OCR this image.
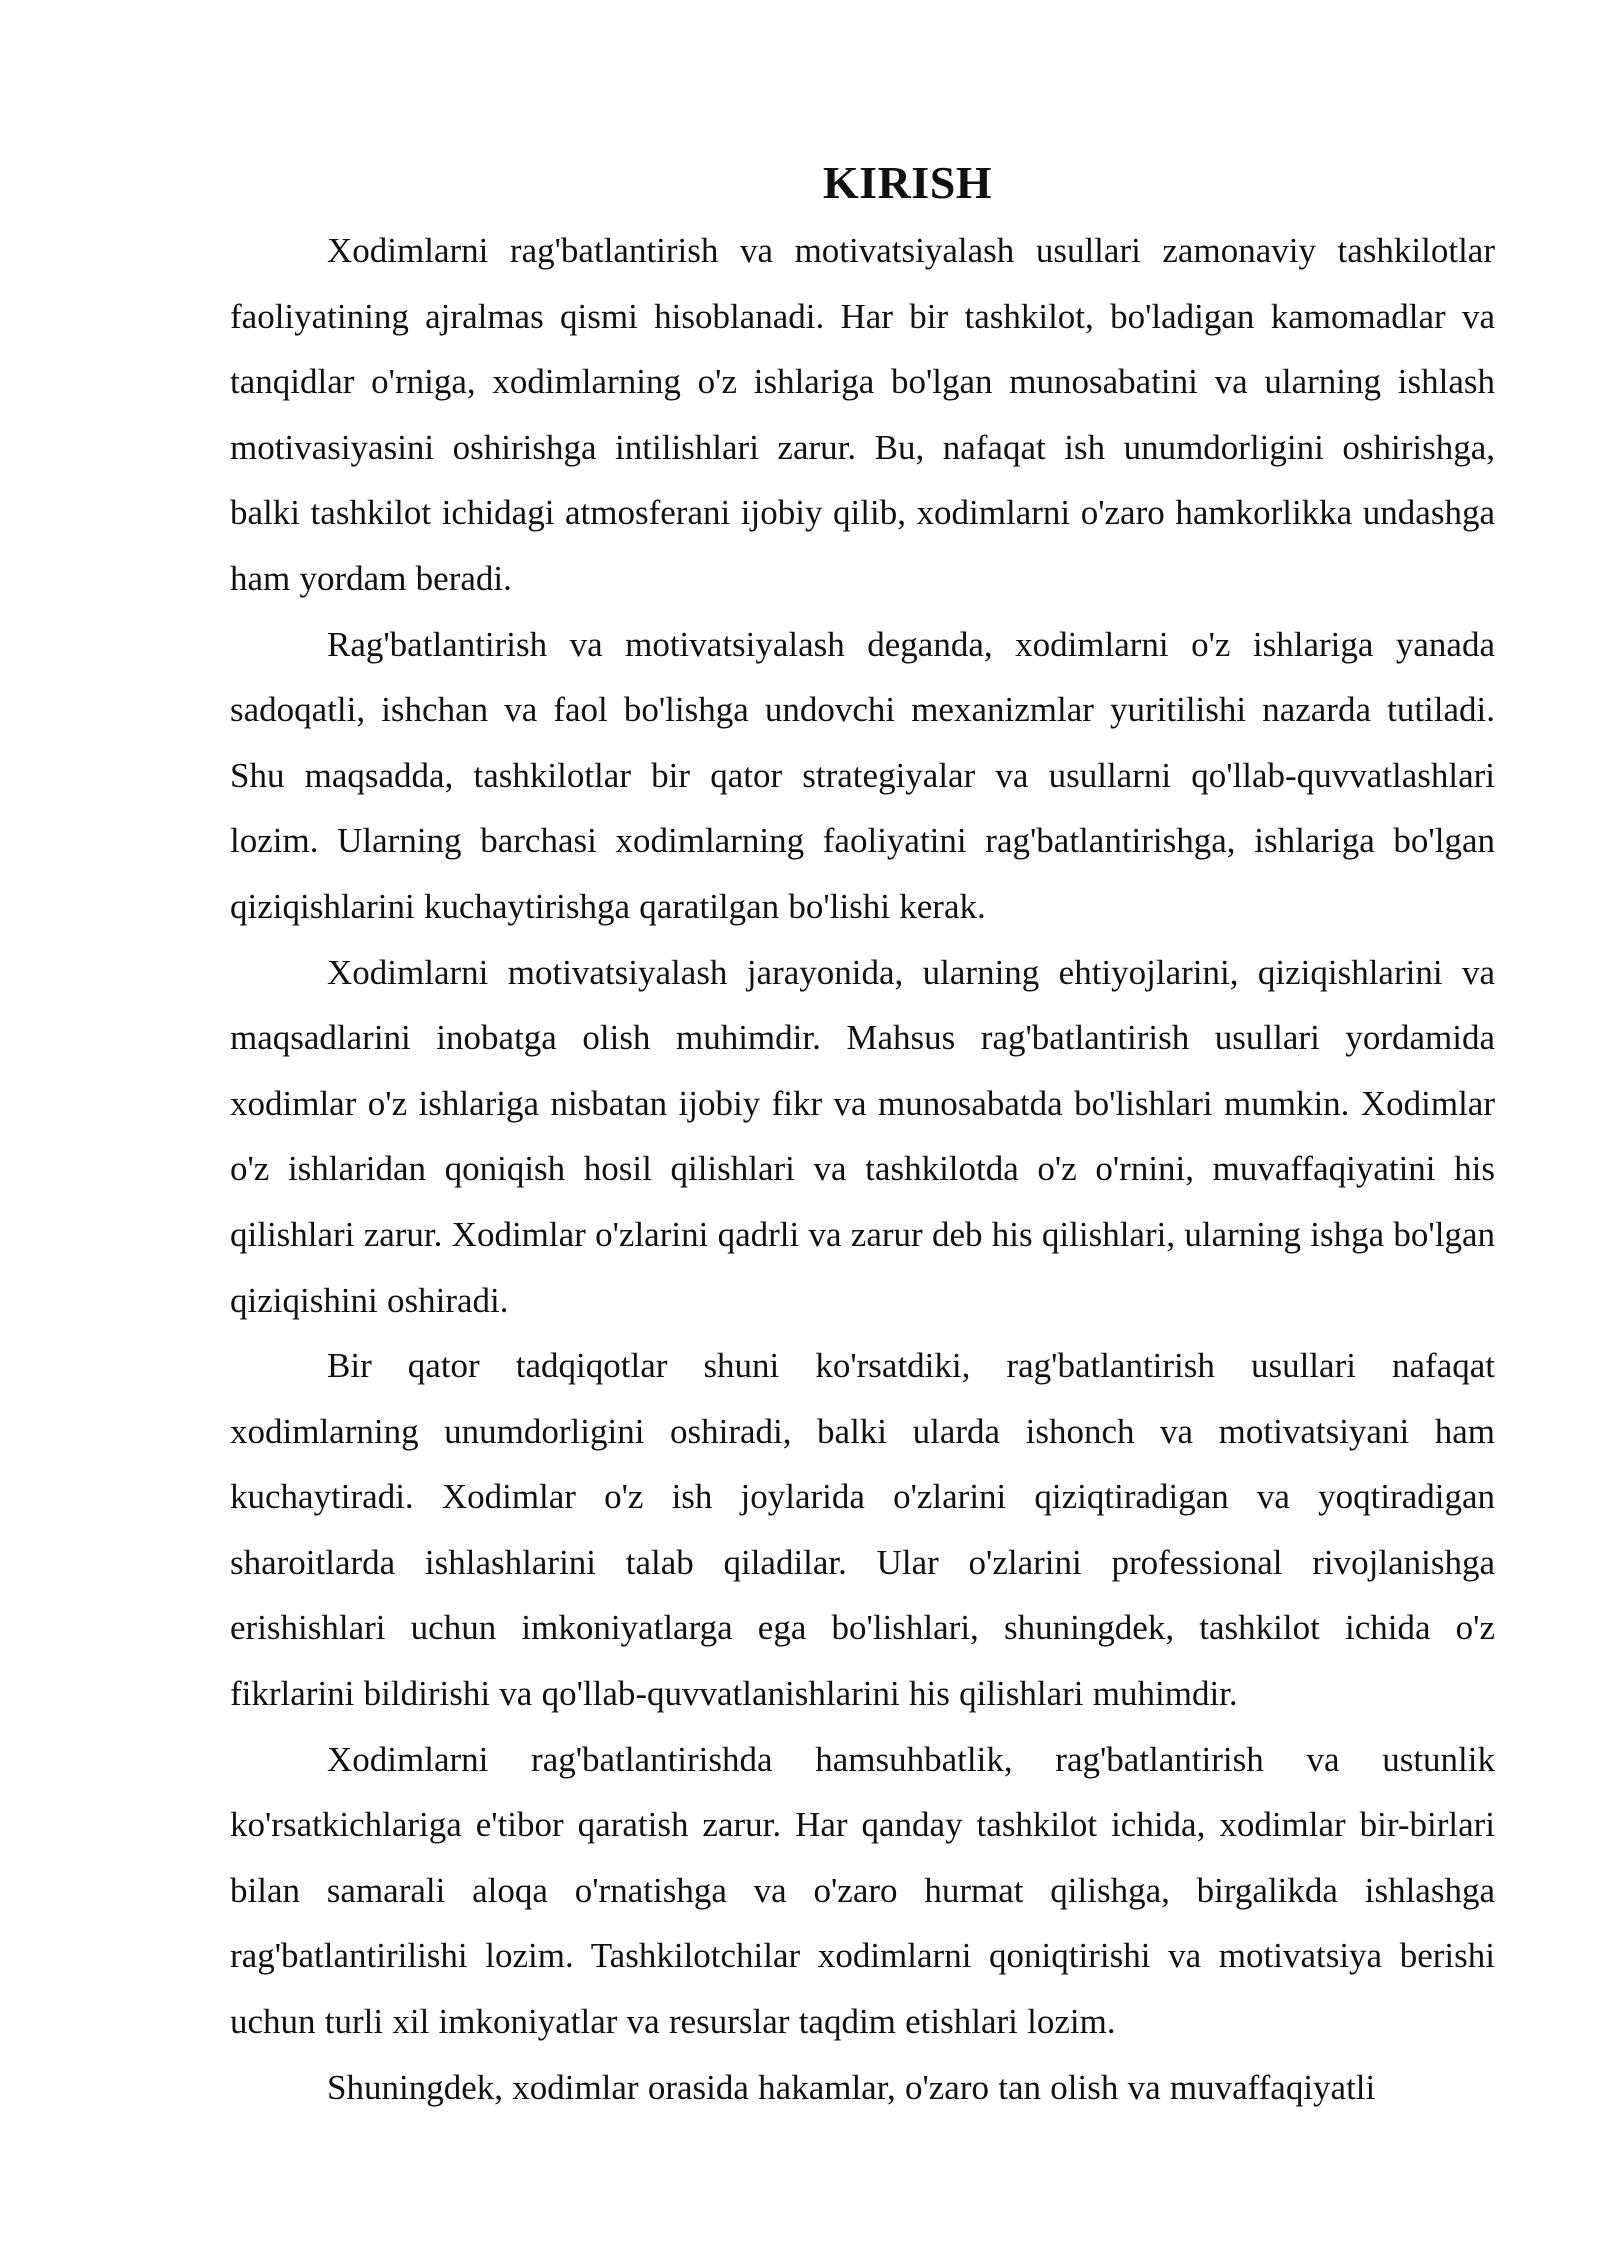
KIRISH

Xodimlarni rag'batlantirish va motivatsiyalash usullari zamonaviy tashkilotlar faoliyatining ajralmas qismi hisoblanadi. Har bir tashkilot, bo'ladigan kamomadlar va tanqidlar o'rniga, xodimlarning o'z ishlariga bo'lgan munosabatini va ularning ishlash motivasiyasini oshirishga intilishlari zarur. Bu, nafaqat ish unumdorligini oshirishga, balki tashkilot ichidagi atmosferani ijobiy qilib, xodimlarni o'zaro hamkorlikka undashga ham yordam beradi.

Rag'batlantirish va motivatsiyalash deganda, xodimlarni o'z ishlariga yanada sadoqatli, ishchan va faol bo'lishga undovchi mexanizmlar yuritilishi nazarda tutiladi. Shu maqsadda, tashkilotlar bir qator strategiyalar va usullarni qo'llab-quvvatlashlari lozim. Ularning barchasi xodimlarning faoliyatini rag'batlantirishga, ishlariga bo'lgan qiziqishlarini kuchaytirishga qaratilgan bo'lishi kerak.

Xodimlarni motivatsiyalash jarayonida, ularning ehtiyojlarini, qiziqishlarini va maqsadlarini inobatga olish muhimdir. Mahsus rag'batlantirish usullari yordamida xodimlar o'z ishlariga nisbatan ijobiy fikr va munosabatda bo'lishlari mumkin. Xodimlar o'z ishlaridan qoniqish hosil qilishlari va tashkilotda o'z o'rnini, muvaffaqiyatini his qilishlari zarur. Xodimlar o'zlarini qadrli va zarur deb his qilishlari, ularning ishga bo'lgan qiziqishini oshiradi.

Bir qator tadqiqotlar shuni ko'rsatdiki, rag'batlantirish usullari nafaqat xodimlarning unumdorligini oshiradi, balki ularda ishonch va motivatsiyani ham kuchaytiradi. Xodimlar o'z ish joylarida o'zlarini qiziqtiradigan va yoqtiradigan sharoitlarda ishlashlarini talab qiladilar. Ular o'zlarini professional rivojlanishga erishishlari uchun imkoniyatlarga ega bo'lishlari, shuningdek, tashkilot ichida o'z fikrlarini bildirishi va qo'llab-quvvatlanishlarini his qilishlari muhimdir.

Xodimlarni rag'batlantirishda hamsuhbatlik, rag'batlantirish va ustunlik ko'rsatkichlariga e'tibor qaratish zarur. Har qanday tashkilot ichida, xodimlar bir-birlari bilan samarali aloqa o'rnatishga va o'zaro hurmat qilishga, birgalikda ishlashga rag'batlantirilishi lozim. Tashkilotchilar xodimlarni qoniqtirishi va motivatsiya berishi uchun turli xil imkoniyatlar va resurslar taqdim etishlari lozim.

Shuningdek, xodimlar orasida hakamlar, o'zaro tan olish va muvaffaqiyatli
